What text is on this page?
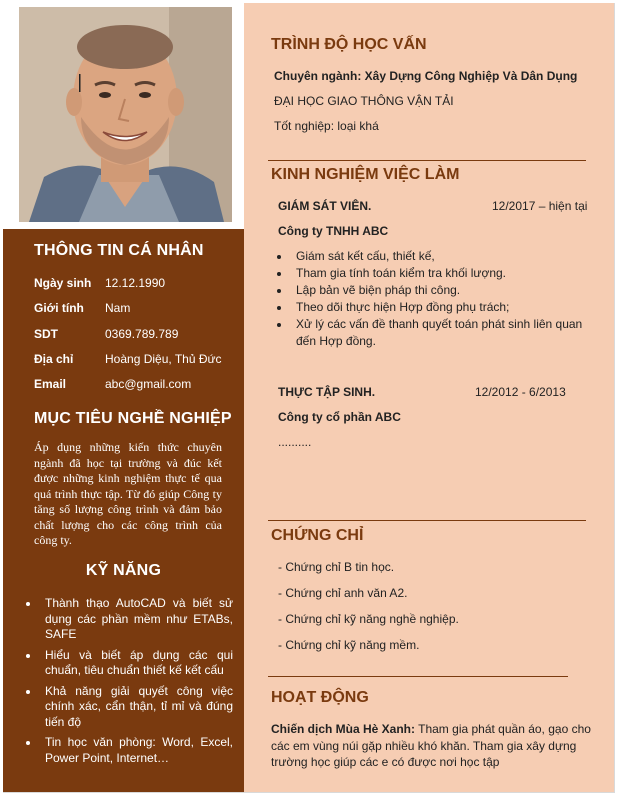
THÔNG TIN CÁ NHÂN
Ngày sinh 12.12.1990
Giới tính Nam
SDT	0369.789.789
Địa chỉ	Hoàng Diệu, Thủ Đức
Email	abc@gmail.com
MỤC TIÊU NGHỀ NGHIỆP
Áp dụng những kiến thức chuyên ngành đã học tại trường và đúc kết được những kinh nghiệm thực tế qua quá trình thực tập. Từ đó giúp Công ty tăng số lượng công trình và đảm bảo chất lượng cho các công trình của công ty.
KỸ NĂNG
Thành thạo AutoCAD và biết sử dụng các phần mềm như ETABs, SAFE
Hiểu và biết áp dụng các qui chuẩn, tiêu chuẩn thiết kế kết cấu
Khả năng giải quyết công việc chính xác, cẩn thận, tỉ mỉ và đúng tiến độ
Tin học văn phòng: Word, Excel, Power Point, Internet…
TRÌNH ĐỘ HỌC VẤN
Chuyên ngành: Xây Dựng Công Nghiệp Và Dân Dụng
ĐẠI HỌC GIAO THÔNG VẬN TẢI
Tốt nghiệp: loại khá
KINH NGHIỆM VIỆC LÀM
GIÁM SÁT VIÊN.	12/2017 – hiện tại
Công ty TNHH ABC
Giám sát kết cấu, thiết kế,
Tham gia tính toán kiểm tra khối lượng.
Lập bản vẽ biện pháp thi công.
Theo dõi thực hiện Hợp đồng phụ trách;
Xử lý các vấn đề thanh quyết toán phát sinh liên quan đến Hợp đồng.
THỰC TẬP SINH.	12/2012 - 6/2013
Công ty cổ phần ABC
..........
CHỨNG CHỈ
- Chứng chỉ B tin học.
- Chứng chỉ anh văn A2.
- Chứng chỉ kỹ năng nghề nghiệp.
- Chứng chỉ kỹ năng mềm.
HOẠT ĐỘNG
Chiến dịch Mùa Hè Xanh: Tham gia phát quần áo, gạo cho các em vùng núi gặp nhiều khó khăn. Tham gia xây dựng trường học giúp các e có được nơi học tập
